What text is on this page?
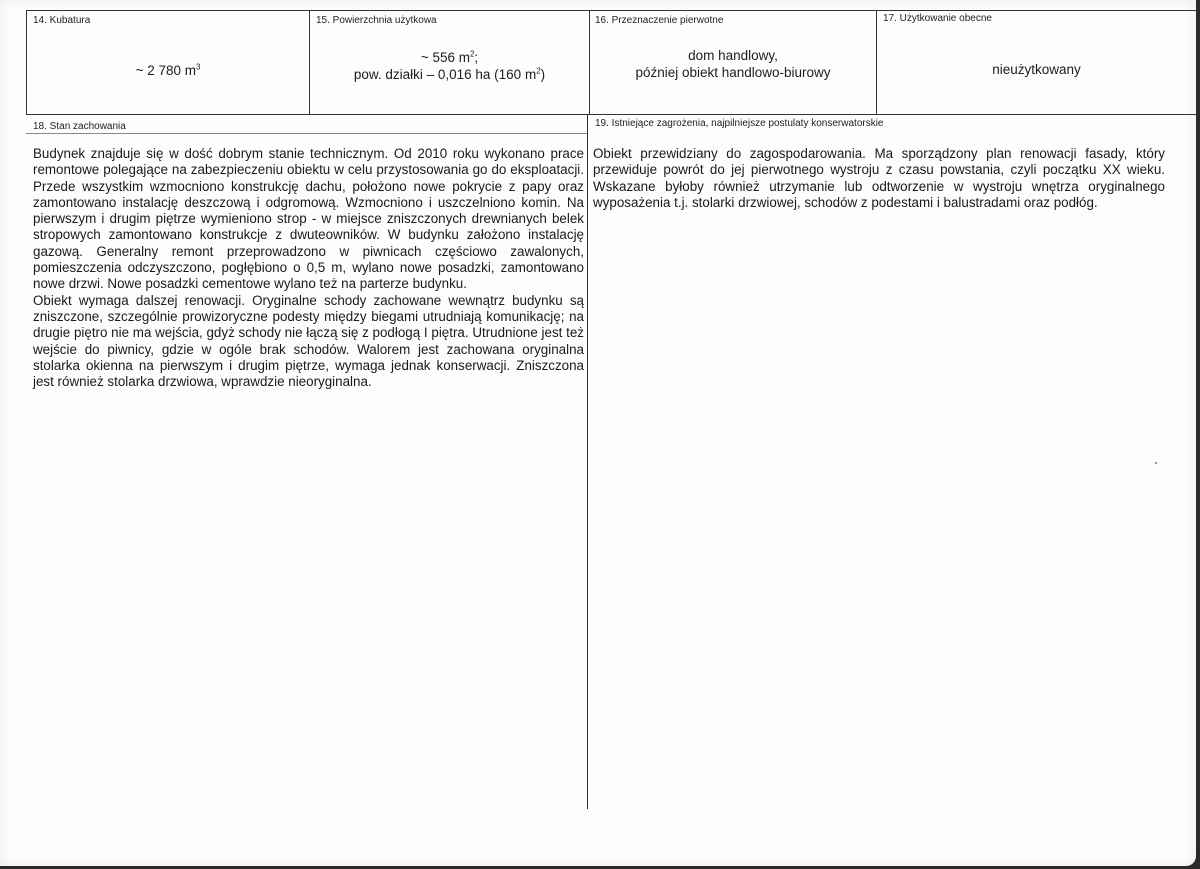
14. Kubatura
~ 2 780 $m^3$
15. Powierzchnia użytkowa
~ 556 $m^2$;
pow. działki – 0,016 ha (160 $m^2$)
16. Przeznaczenie pierwotne
dom handlowy,
później obiekt handlowo-biurowy
17. Użytkowanie obecne
nieużytkowany
18. Stan zachowania

Budynek znajduje się w dość dobrym stanie technicznym. Od 2010 roku wykonano prace remontowe polegające na zabezpieczeniu obiektu w celu przystosowania go do eksploatacji. Przede wszystkim wzmocniono konstrukcję dachu, położono nowe pokrycie z papy oraz zamontowano instalację deszczową i odgromową. Wzmocniono i uszczelniono komin. Na pierwszym i drugim piętrze wymieniono strop - w miejsce zniszczonych drewnianych belek stropowych zamontowano konstrukcje z dwuteowników. W budynku założono instalację gazową. Generalny remont przeprowadzono w piwnicach częściowo zawalonych, pomieszczenia odczyszczono, pogłębiono o 0,5 m, wylano nowe posadzki, zamontowano nowe drzwi. Nowe posadzki cementowe wylano też na parterze budynku.

Obiekt wymaga dalszej renowacji. Oryginalne schody zachowane wewnątrz budynku są zniszczone, szczególnie prowizoryczne podesty między biegami utrudniają komunikację; na drugie piętro nie ma wejścia, gdyż schody nie łączą się z podłogą I piętra. Utrudnione jest też wejście do piwnicy, gdzie w ogóle brak schodów. Walorem jest zachowana oryginalna stolarka okienna na pierwszym i drugim piętrze, wymaga jednak konserwacji. Zniszczona jest również stolarka drzwiowa, wprawdzie nieoryginalna.

19. Istniejące zagrożenia, najpilniejsze postulaty konserwatorskie

Obiekt przewidziany do zagospodarowania. Ma sporządzony plan renowacji fasady, który przewiduje powrót do jej pierwotnego wystroju z czasu powstania, czyli początku XX wieku. Wskazane byłoby również utrzymanie lub odtworzenie w wystroju wnętrza oryginalnego wyposażenia t.j. stolarki drzwiowej, schodów z podestami i balustradami oraz podłóg.
